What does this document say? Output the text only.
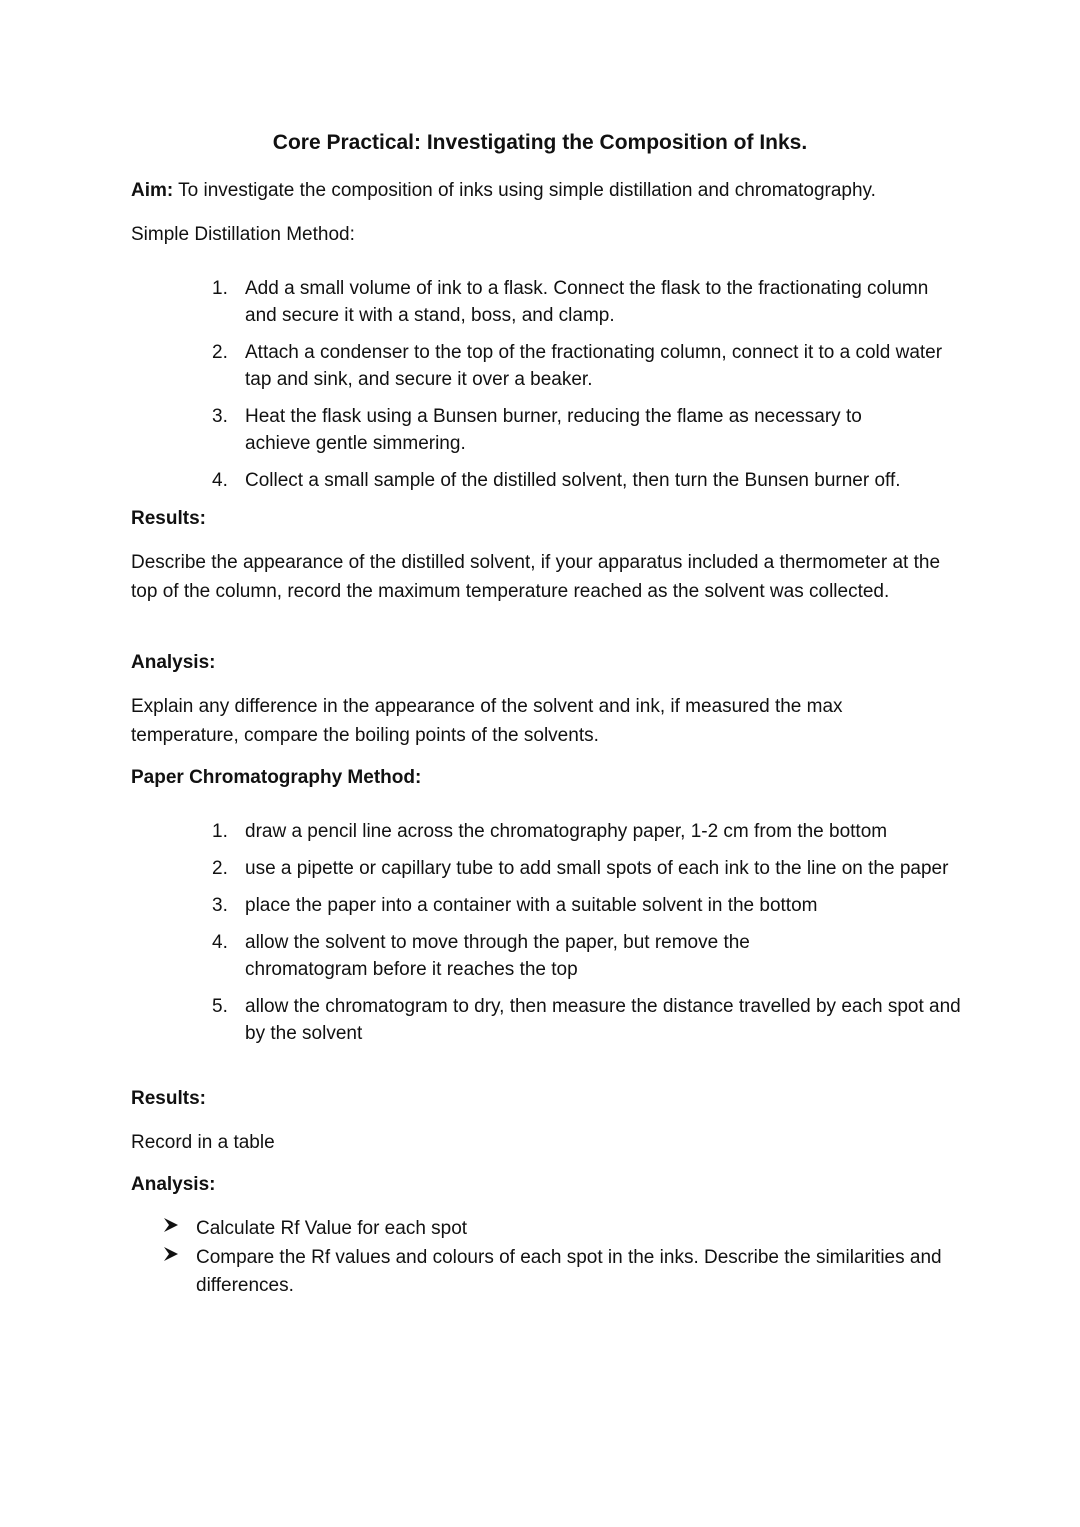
Core Practical: Investigating the Composition of Inks.
Aim: To investigate the composition of inks using simple distillation and chromatography.
Simple Distillation Method:
1. Add a small volume of ink to a flask. Connect the flask to the fractionating column and secure it with a stand, boss, and clamp.
2. Attach a condenser to the top of the fractionating column, connect it to a cold water tap and sink, and secure it over a beaker.
3. Heat the flask using a Bunsen burner, reducing the flame as necessary to achieve gentle simmering.
4. Collect a small sample of the distilled solvent, then turn the Bunsen burner off.
Results:
Describe the appearance of the distilled solvent, if your apparatus included a thermometer at the top of the column, record the maximum temperature reached as the solvent was collected.
Analysis:
Explain any difference in the appearance of the solvent and ink, if measured the max temperature, compare the boiling points of the solvents.
Paper Chromatography Method:
1. draw a pencil line across the chromatography paper, 1-2 cm from the bottom
2. use a pipette or capillary tube to add small spots of each ink to the line on the paper
3. place the paper into a container with a suitable solvent in the bottom
4. allow the solvent to move through the paper, but remove the chromatogram before it reaches the top
5. allow the chromatogram to dry, then measure the distance travelled by each spot and by the solvent
Results:
Record in a table
Analysis:
Calculate Rf Value for each spot
Compare the Rf values and colours of each spot in the inks. Describe the similarities and differences.
